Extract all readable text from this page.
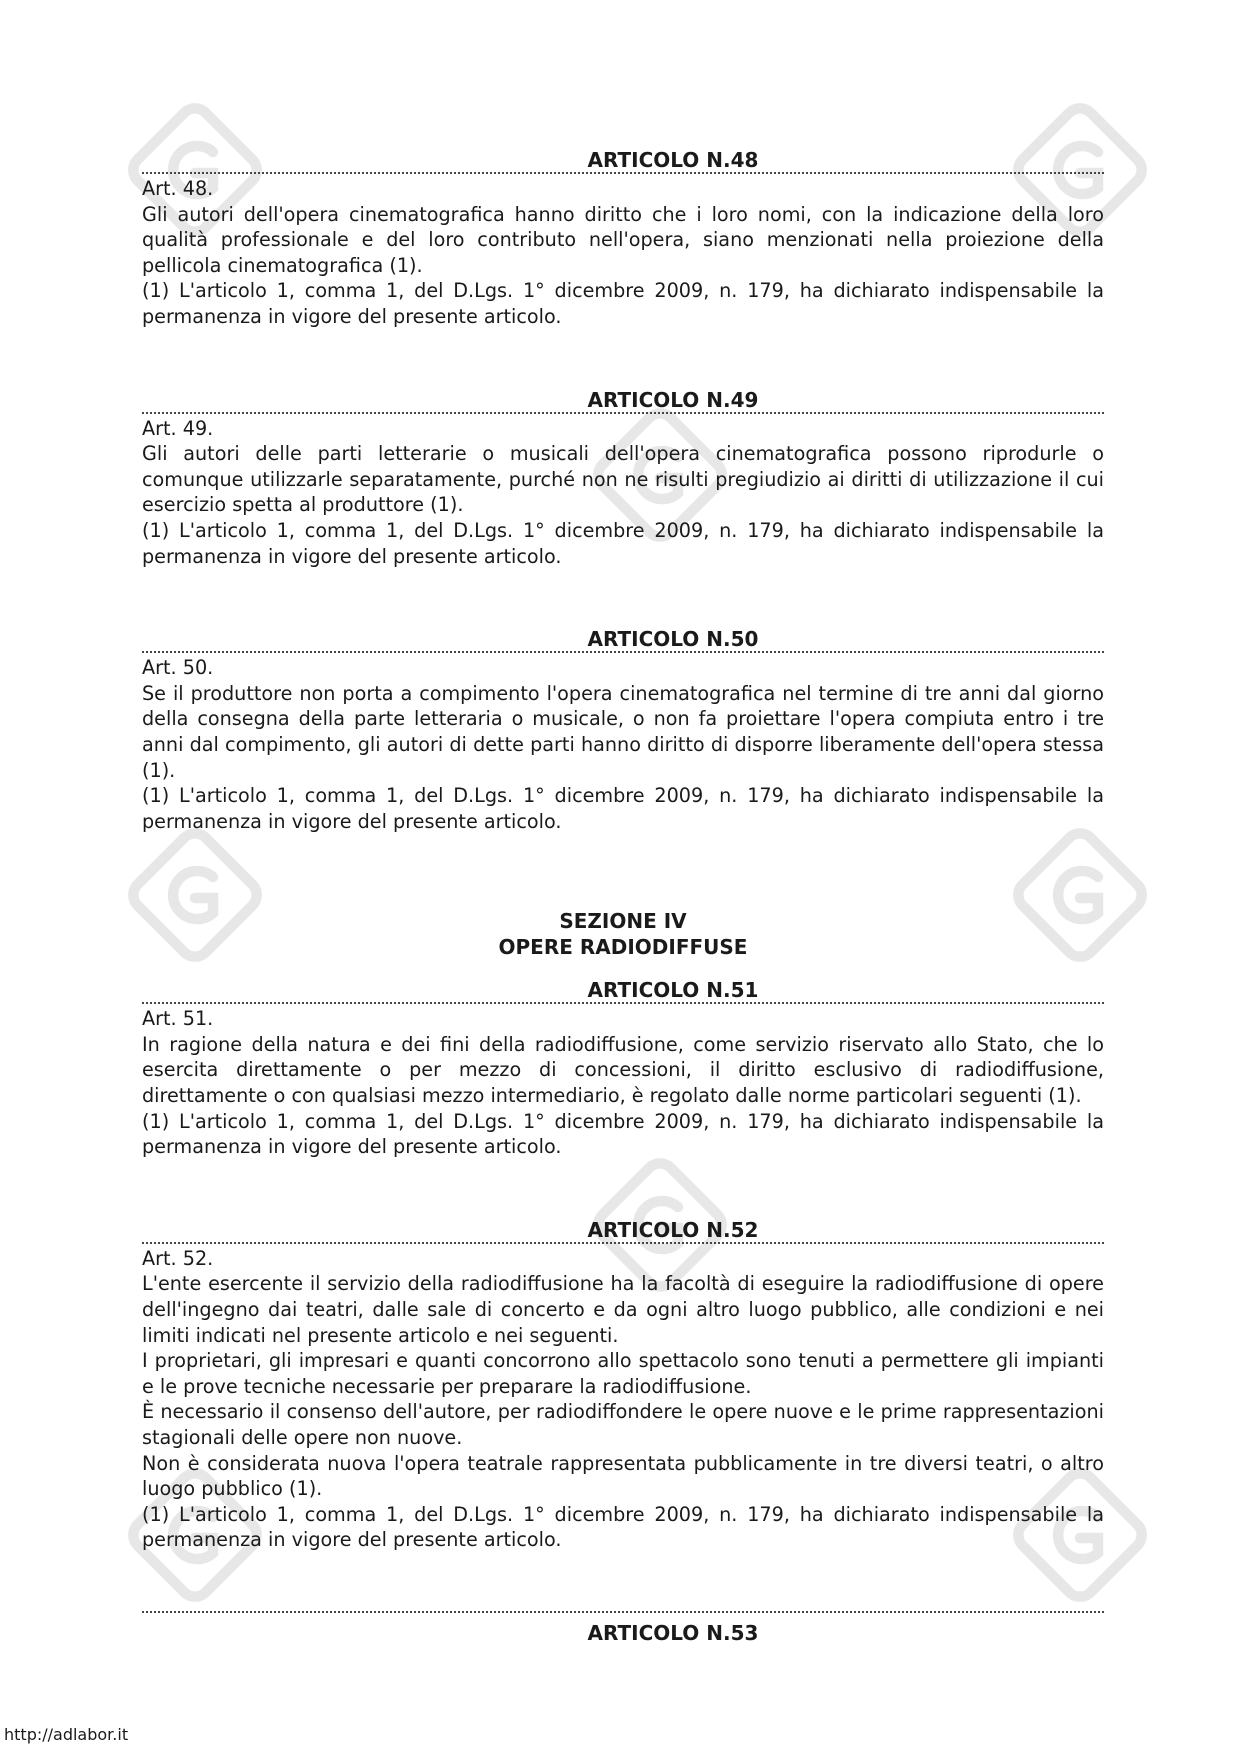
ARTICOLO N.48

Art. 48.

Gli autori dell'opera cinematografica hanno diritto che i loro nomi, con la indicazione della loro qualità professionale e del loro contributo nell'opera, siano menzionati nella proiezione della pellicola cinematografica (1).

(1) L'articolo 1, comma 1, del D.Lgs. 1° dicembre 2009, n. 179, ha dichiarato indispensabile la permanenza in vigore del presente articolo.

ARTICOLO N.49

Art. 49.

Gli autori delle parti letterarie o musicali dell'opera cinematografica possono riprodurle o comunque utilizzarle separatamente, purché non ne risulti pregiudizio ai diritti di utilizzazione il cui esercizio spetta al produttore (1).

(1) L'articolo 1, comma 1, del D.Lgs. 1° dicembre 2009, n. 179, ha dichiarato indispensabile la permanenza in vigore del presente articolo.

ARTICOLO N.50

Art. 50.

Se il produttore non porta a compimento l'opera cinematografica nel termine di tre anni dal giorno della consegna della parte letteraria o musicale, o non fa proiettare l'opera compiuta entro i tre anni dal compimento, gli autori di dette parti hanno diritto di disporre liberamente dell'opera stessa (1).

(1) L'articolo 1, comma 1, del D.Lgs. 1° dicembre 2009, n. 179, ha dichiarato indispensabile la permanenza in vigore del presente articolo.

SEZIONE IV

OPERE RADIODIFFUSE

ARTICOLO N.51

Art. 51.

In ragione della natura e dei fini della radiodiffusione, come servizio riservato allo Stato, che lo esercita direttamente o per mezzo di concessioni, il diritto esclusivo di radiodiffusione, direttamente o con qualsiasi mezzo intermediario, è regolato dalle norme particolari seguenti (1).

(1) L'articolo 1, comma 1, del D.Lgs. 1° dicembre 2009, n. 179, ha dichiarato indispensabile la permanenza in vigore del presente articolo.

ARTICOLO N.52

Art. 52.

L'ente esercente il servizio della radiodiffusione ha la facoltà di eseguire la radiodiffusione di opere dell'ingegno dai teatri, dalle sale di concerto e da ogni altro luogo pubblico, alle condizioni e nei limiti indicati nel presente articolo e nei seguenti.

I proprietari, gli impresari e quanti concorrono allo spettacolo sono tenuti a permettere gli impianti e le prove tecniche necessarie per preparare la radiodiffusione.

È necessario il consenso dell'autore, per radiodiffondere le opere nuove e le prime rappresentazioni stagionali delle opere non nuove.

Non è considerata nuova l'opera teatrale rappresentata pubblicamente in tre diversi teatri, o altro luogo pubblico (1).

(1) L'articolo 1, comma 1, del D.Lgs. 1° dicembre 2009, n. 179, ha dichiarato indispensabile la permanenza in vigore del presente articolo.

ARTICOLO N.53

http://adlabor.it
